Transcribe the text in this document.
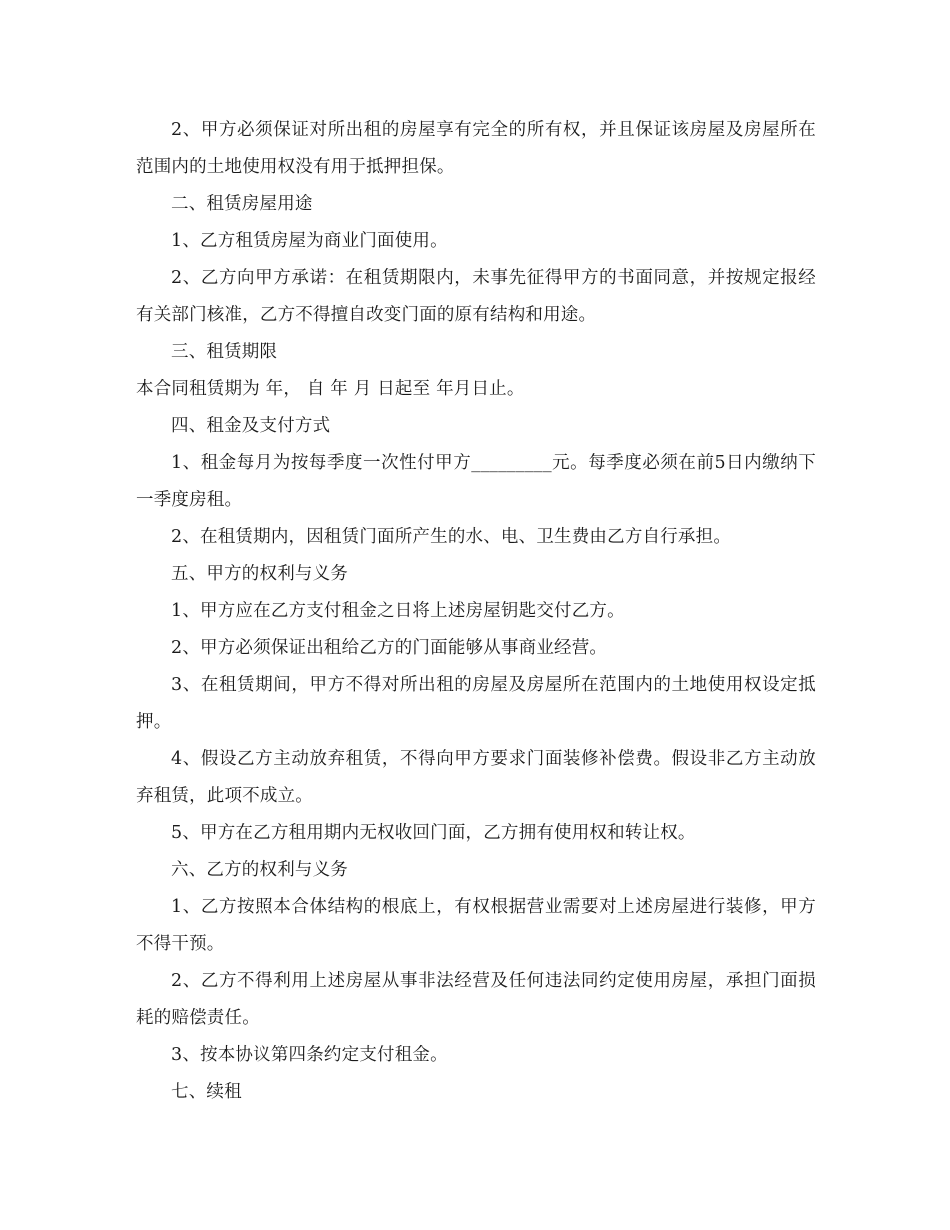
2、甲方必须保证对所出租的房屋享有完全的所有权，并且保证该房屋及房屋所在范围内的土地使用权没有用于抵押担保。

二、租赁房屋用途

1、乙方租赁房屋为商业门面使用。

2、乙方向甲方承诺：在租赁期限内，未事先征得甲方的书面同意，并按规定报经有关部门核准，乙方不得擅自改变门面的原有结构和用途。

三、租赁期限

本合同租赁期为 年， 自 年 月 日起至 年月日止。

四、租金及支付方式

1、租金每月为按每季度一次性付甲方_________元。每季度必须在前5日内缴纳下一季度房租。

2、在租赁期内，因租赁门面所产生的水、电、卫生费由乙方自行承担。

五、甲方的权利与义务

1、甲方应在乙方支付租金之日将上述房屋钥匙交付乙方。

2、甲方必须保证出租给乙方的门面能够从事商业经营。

3、在租赁期间，甲方不得对所出租的房屋及房屋所在范围内的土地使用权设定抵押。

4、假设乙方主动放弃租赁，不得向甲方要求门面装修补偿费。假设非乙方主动放弃租赁，此项不成立。

5、甲方在乙方租用期内无权收回门面，乙方拥有使用权和转让权。

六、乙方的权利与义务

1、乙方按照本合体结构的根底上，有权根据营业需要对上述房屋进行装修，甲方不得干预。

2、乙方不得利用上述房屋从事非法经营及任何违法同约定使用房屋，承担门面损耗的赔偿责任。

3、按本协议第四条约定支付租金。

七、续租
